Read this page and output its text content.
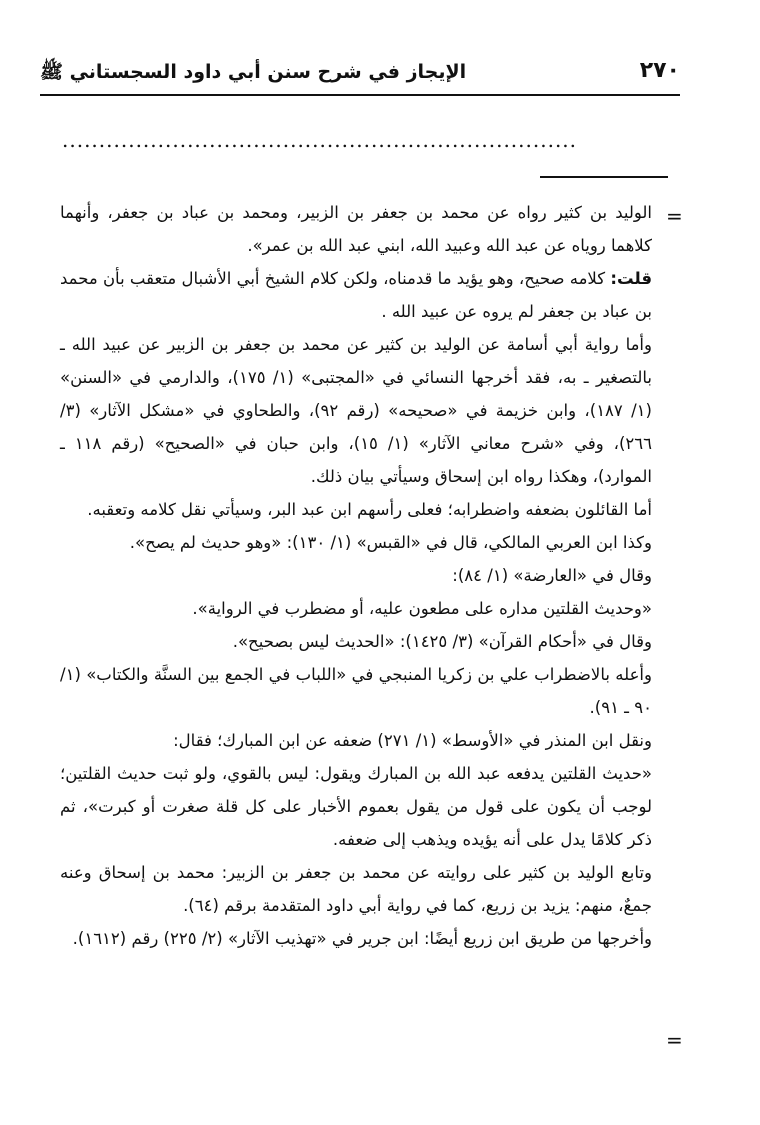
٢٧٠
الإيجاز في شرح سنن أبي داود السجستاني ﷺ
......................................................................
=

الوليد بن كثير رواه عن محمد بن جعفر بن الزبير، ومحمد بن عباد بن جعفر، وأنهما كلاهما روياه عن عبد الله وعبيد الله، ابني عبد الله بن عمر».

قلت: كلامه صحيح، وهو يؤيد ما قدمناه، ولكن كلام الشيخ أبي الأشبال متعقب بأن محمد بن عباد بن جعفر لم يروه عن عبيد الله .

وأما رواية أبي أسامة عن الوليد بن كثير عن محمد بن جعفر بن الزبير عن عبيد الله ـ بالتصغير ـ به، فقد أخرجها النسائي في «المجتبى» (١/ ١٧٥)، والدارمي في «السنن» (١/ ١٨٧)، وابن خزيمة في «صحيحه» (رقم ٩٢)، والطحاوي في «مشكل الآثار» (٣/ ٢٦٦)، وفي «شرح معاني الآثار» (١/ ١٥)، وابن حبان في «الصحيح» (رقم ١١٨ ـ الموارد)، وهكذا رواه ابن إسحاق وسيأتي بيان ذلك.

أما القائلون بضعفه واضطرابه؛ فعلى رأسهم ابن عبد البر، وسيأتي نقل كلامه وتعقبه.

وكذا ابن العربي المالكي، قال في «القبس» (١/ ١٣٠): «وهو حديث لم يصح».

وقال في «العارضة» (١/ ٨٤):

«وحديث القلتين مداره على مطعون عليه، أو مضطرب في الرواية».

وقال في «أحكام القرآن» (٣/ ١٤٢٥): «الحديث ليس بصحيح».

وأعله بالاضطراب علي بن زكريا المنبجي في «اللباب في الجمع بين السنَّة والكتاب» (١/ ٩٠ ـ ٩١).

ونقل ابن المنذر في «الأوسط» (١/ ٢٧١) ضعفه عن ابن المبارك؛ فقال:

«حديث القلتين يدفعه عبد الله بن المبارك ويقول: ليس بالقوي، ولو ثبت حديث القلتين؛ لوجب أن يكون على قول من يقول بعموم الأخبار على كل قلة صغرت أو كبرت»، ثم ذكر كلامًا يدل على أنه يؤيده ويذهب إلى ضعفه.

وتابع الوليد بن كثير على روايته عن محمد بن جعفر بن الزبير: محمد بن إسحاق وعنه جمعٌ، منهم: يزيد بن زريع، كما في رواية أبي داود المتقدمة برقم (٦٤).

وأخرجها من طريق ابن زريع أيضًا: ابن جرير في «تهذيب الآثار» (٢/ ٢٢٥) رقم (١٦١٢).

=
